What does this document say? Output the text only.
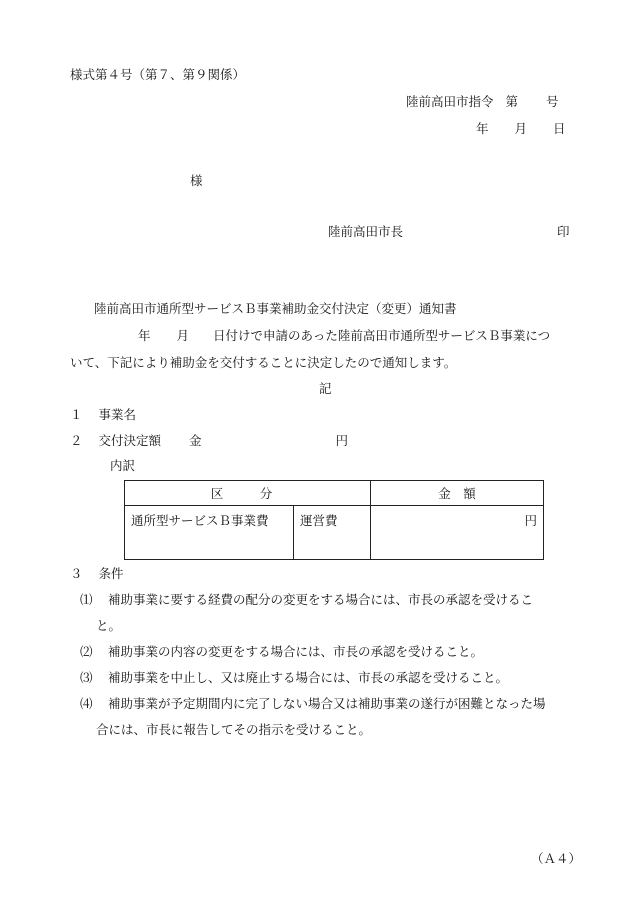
様式第４号（第７、第９関係）
陸前高田市指令 第 号
年 月 日
様
陸前高田市長	印
陸前高田市通所型サービスＢ事業補助金交付決定（変更）通知書
年 月 日付けで申請のあった陸前高田市通所型サービスＢ事業につ
いて、下記により補助金を交付することに決定したので通知します。
記
１ 事業名
２ 交付決定額 金	円
内訳
区　分		金　額
通所型サービスＢ事業費	運営費	円
３ 条件
⑴ 補助事業に要する経費の配分の変更をする場合には、市長の承認を受けるこ
と。
⑵ 補助事業の内容の変更をする場合には、市長の承認を受けること。
⑶ 補助事業を中止し、又は廃止する場合には、市長の承認を受けること。
⑷ 補助事業が予定期間内に完了しない場合又は補助事業の遂行が困難となった場
合には、市長に報告してその指示を受けること。
（Ａ４）
